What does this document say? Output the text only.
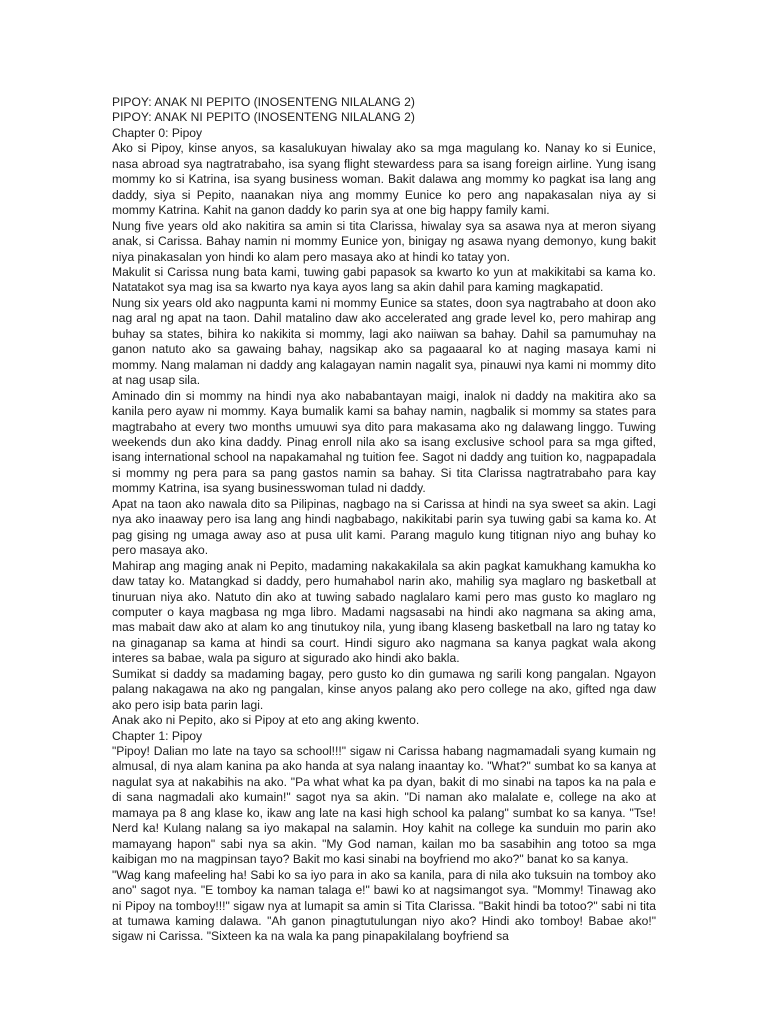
PIPOY: ANAK NI PEPITO (INOSENTENG NILALANG 2)

PIPOY: ANAK NI PEPITO (INOSENTENG NILALANG 2)

Chapter 0: Pipoy

Ako si Pipoy, kinse anyos, sa kasalukuyan hiwalay ako sa mga magulang ko. Nanay ko si Eunice, nasa abroad sya nagtratrabaho, isa syang flight stewardess para sa isang foreign airline. Yung isang mommy ko si Katrina, isa syang business woman. Bakit dalawa ang mommy ko pagkat isa lang ang daddy, siya si Pepito, naanakan niya ang mommy Eunice ko pero ang napakasalan niya ay si mommy Katrina. Kahit na ganon daddy ko parin sya at one big happy family kami.

Nung five years old ako nakitira sa amin si tita Clarissa, hiwalay sya sa asawa nya at meron siyang anak, si Carissa. Bahay namin ni mommy Eunice yon, binigay ng asawa nyang demonyo, kung bakit niya pinakasalan yon hindi ko alam pero masaya ako at hindi ko tatay yon.

Makulit si Carissa nung bata kami, tuwing gabi papasok sa kwarto ko yun at makikitabi sa kama ko. Natatakot sya mag isa sa kwarto nya kaya ayos lang sa akin dahil para kaming magkapatid.

Nung six years old ako nagpunta kami ni mommy Eunice sa states, doon sya nagtrabaho at doon ako nag aral ng apat na taon. Dahil matalino daw ako accelerated ang grade level ko, pero mahirap ang buhay sa states, bihira ko nakikita si mommy, lagi ako naiiwan sa bahay. Dahil sa pamumuhay na ganon natuto ako sa gawaing bahay, nagsikap ako sa pagaaaral ko at naging masaya kami ni mommy. Nang malaman ni daddy ang kalagayan namin nagalit sya, pinauwi nya kami ni mommy dito at nag usap sila.

Aminado din si mommy na hindi nya ako nababantayan maigi, inalok ni daddy na makitira ako sa kanila pero ayaw ni mommy. Kaya bumalik kami sa bahay namin, nagbalik si mommy sa states para magtrabaho at every two months umuuwi sya dito para makasama ako ng dalawang linggo. Tuwing weekends dun ako kina daddy. Pinag enroll nila ako sa isang exclusive school para sa mga gifted, isang international school na napakamahal ng tuition fee. Sagot ni daddy ang tuition ko, nagpapadala si mommy ng pera para sa pang gastos namin sa bahay. Si tita Clarissa nagtratrabaho para kay mommy Katrina, isa syang businesswoman tulad ni daddy.

Apat na taon ako nawala dito sa Pilipinas, nagbago na si Carissa at hindi na sya sweet sa akin. Lagi nya ako inaaway pero isa lang ang hindi nagbabago, nakikitabi parin sya tuwing gabi sa kama ko. At pag gising ng umaga away aso at pusa ulit kami. Parang magulo kung titignan niyo ang buhay ko pero masaya ako.

Mahirap ang maging anak ni Pepito, madaming nakakakilala sa akin pagkat kamukhang kamukha ko daw tatay ko. Matangkad si daddy, pero humahabol narin ako, mahilig sya maglaro ng basketball at tinuruan niya ako. Natuto din ako at tuwing sabado naglalaro kami pero mas gusto ko maglaro ng computer o kaya magbasa ng mga libro. Madami nagsasabi na hindi ako nagmana sa aking ama, mas mabait daw ako at alam ko ang tinutukoy nila, yung ibang klaseng basketball na laro ng tatay ko na ginaganap sa kama at hindi sa court. Hindi siguro ako nagmana sa kanya pagkat wala akong interes sa babae, wala pa siguro at sigurado ako hindi ako bakla.

Sumikat si daddy sa madaming bagay, pero gusto ko din gumawa ng sarili kong pangalan. Ngayon palang nakagawa na ako ng pangalan, kinse anyos palang ako pero college na ako, gifted nga daw ako pero isip bata parin lagi.

Anak ako ni Pepito, ako si Pipoy at eto ang aking kwento.

Chapter 1: Pipoy

"Pipoy! Dalian mo late na tayo sa school!!!" sigaw ni Carissa habang nagmamadali syang kumain ng almusal, di nya alam kanina pa ako handa at sya nalang inaantay ko. "What?" sumbat ko sa kanya at nagulat sya at nakabihis na ako. "Pa what what ka pa dyan, bakit di mo sinabi na tapos ka na pala e di sana nagmadali ako kumain!" sagot nya sa akin. "Di naman ako malalate e, college na ako at mamaya pa 8 ang klase ko, ikaw ang late na kasi high school ka palang" sumbat ko sa kanya. "Tse! Nerd ka! Kulang nalang sa iyo makapal na salamin. Hoy kahit na college ka sunduin mo parin ako mamayang hapon" sabi nya sa akin. "My God naman, kailan mo ba sasabihin ang totoo sa mga kaibigan mo na magpinsan tayo? Bakit mo kasi sinabi na boyfriend mo ako?" banat ko sa kanya.

"Wag kang mafeeling ha! Sabi ko sa iyo para in ako sa kanila, para di nila ako tuksuin na tomboy ako ano" sagot nya. "E tomboy ka naman talaga e!" bawi ko at nagsimangot sya. "Mommy! Tinawag ako ni Pipoy na tomboy!!!" sigaw nya at lumapit sa amin si Tita Clarissa. "Bakit hindi ba totoo?" sabi ni tita at tumawa kaming dalawa. "Ah ganon pinagtutulungan niyo ako? Hindi ako tomboy! Babae ako!" sigaw ni Carissa. "Sixteen ka na wala ka pang pinapakilalang boyfriend sa
